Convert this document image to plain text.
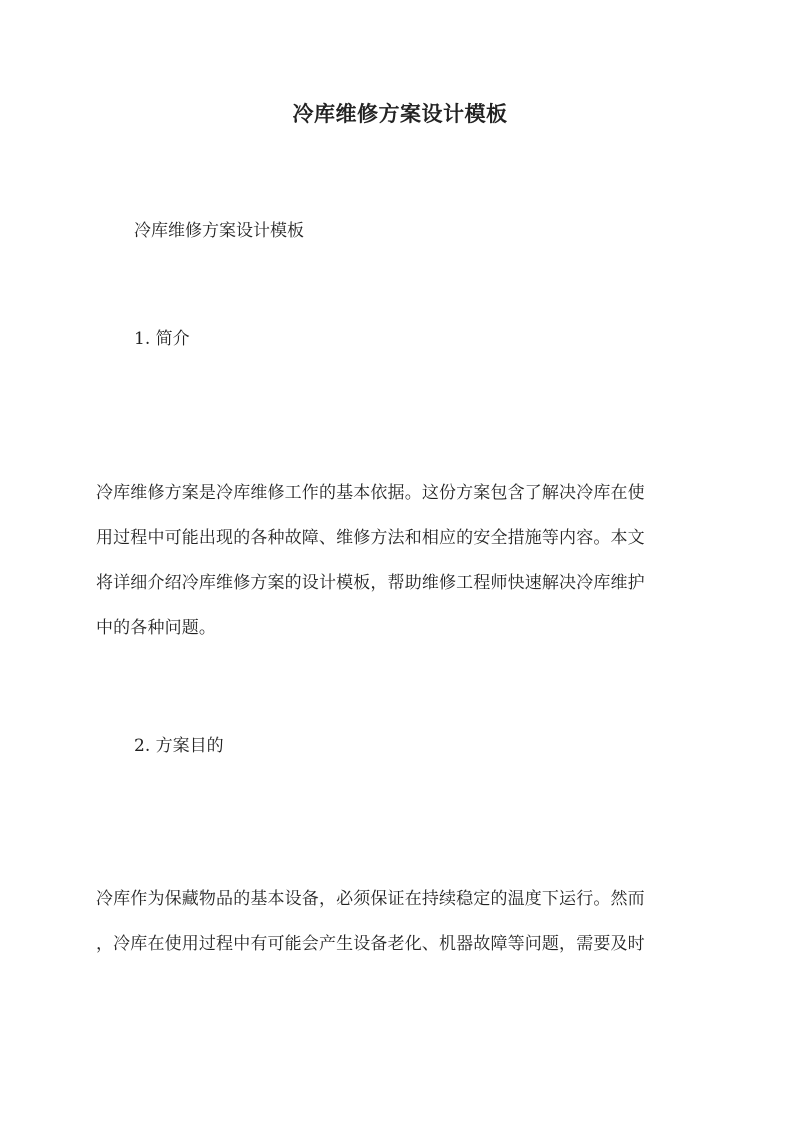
冷库维修方案设计模板
冷库维修方案设计模板
1. 简介

冷库维修方案是冷库维修工作的基本依据。这份方案包含了解决冷库在使
用过程中可能出现的各种故障、维修方法和相应的安全措施等内容。本文
将详细介绍冷库维修方案的设计模板，帮助维修工程师快速解决冷库维护
中的各种问题。

2. 方案目的

冷库作为保藏物品的基本设备，必须保证在持续稳定的温度下运行。然而
，冷库在使用过程中有可能会产生设备老化、机器故障等问题，需要及时
